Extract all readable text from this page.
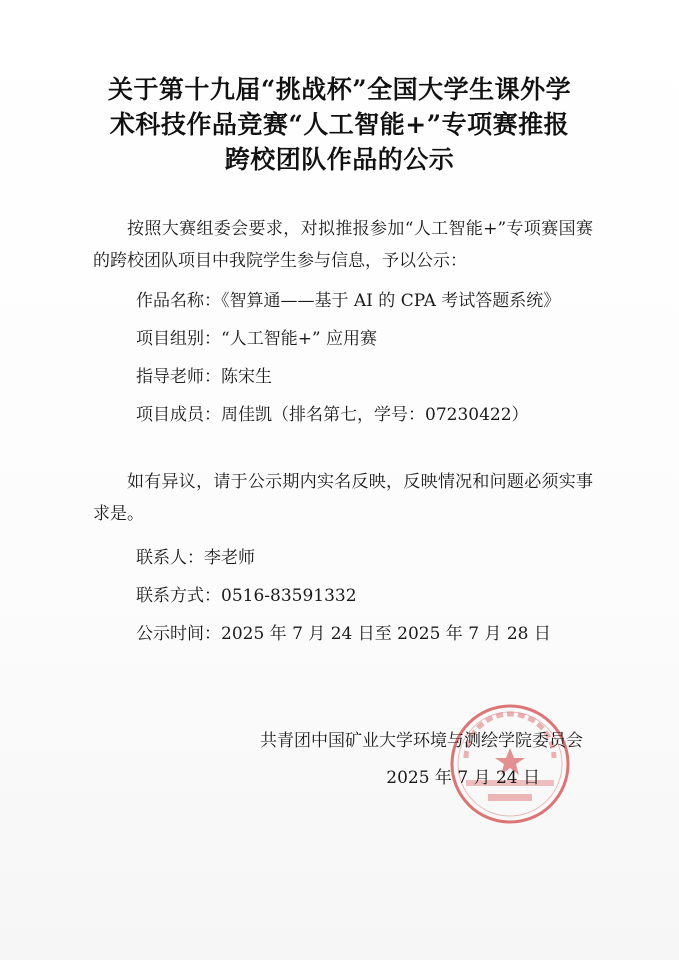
关于第十九届“挑战杯”全国大学生课外学
术科技作品竞赛“人工智能+”专项赛推报
跨校团队作品的公示
按照大赛组委会要求，对拟推报参加“人工智能+”专项赛国赛的跨校团队项目中我院学生参与信息，予以公示：
作品名称：《智算通——基于 AI 的 CPA 考试答题系统》
项目组别：“人工智能+” 应用赛
指导老师：陈宋生
项目成员：周佳凯（排名第七，学号：07230422）
如有异议，请于公示期内实名反映，反映情况和问题必须实事求是。
联系人：李老师
联系方式：0516-83591332
公示时间：2025 年 7 月 24 日至 2025 年 7 月 28 日
共青团中国矿业大学环境与测绘学院委员会
2025 年 7 月 24 日
